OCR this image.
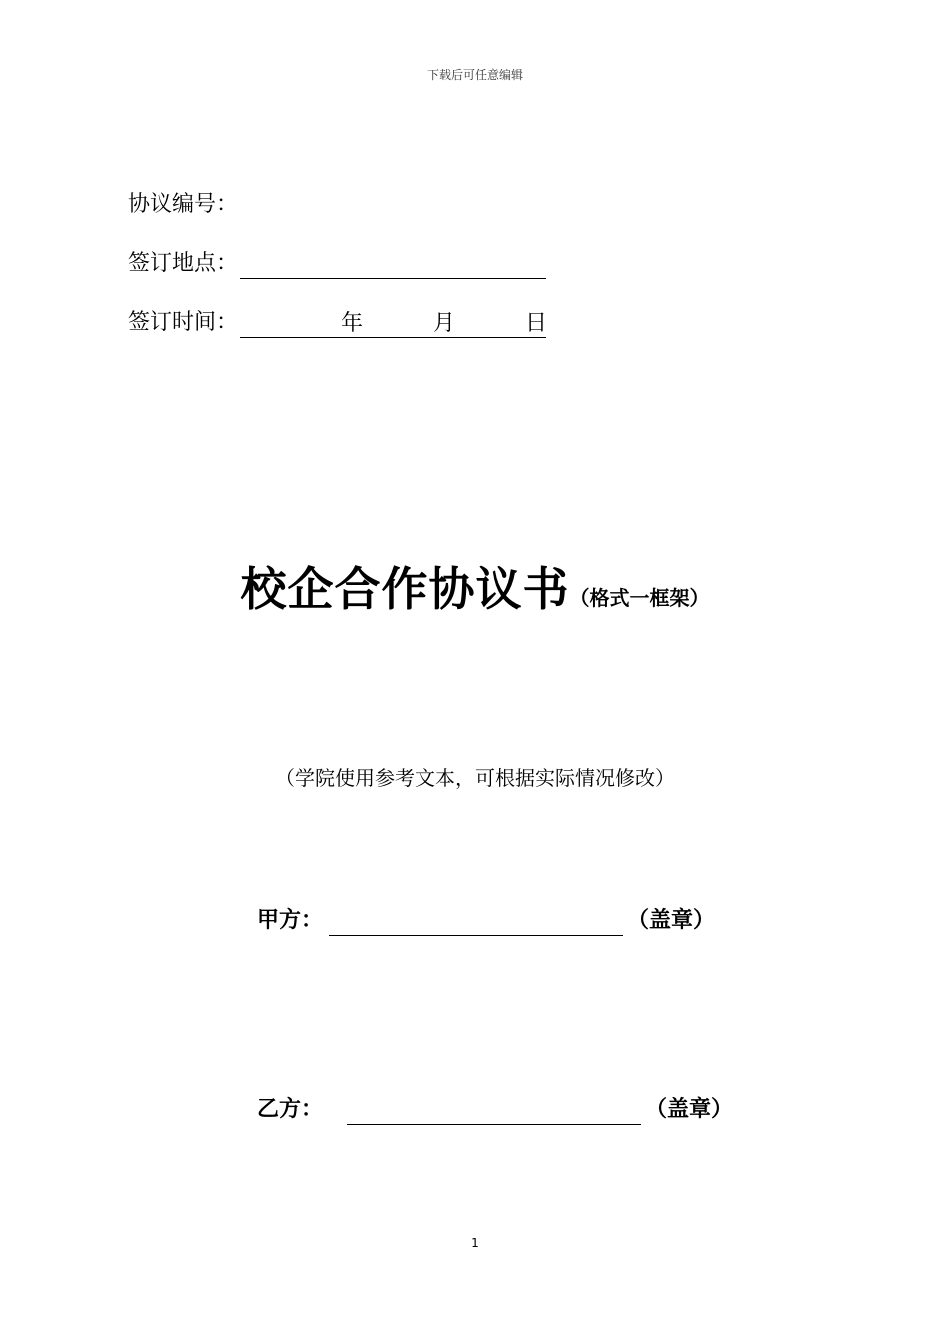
下载后可任意编辑
协议编号：
签订地点：
签订时间：	年	月	日
校企合作协议书（格式一框架）
（学院使用参考文本，可根据实际情况修改）
甲方：	（盖章）
乙方：	（盖章）
1
